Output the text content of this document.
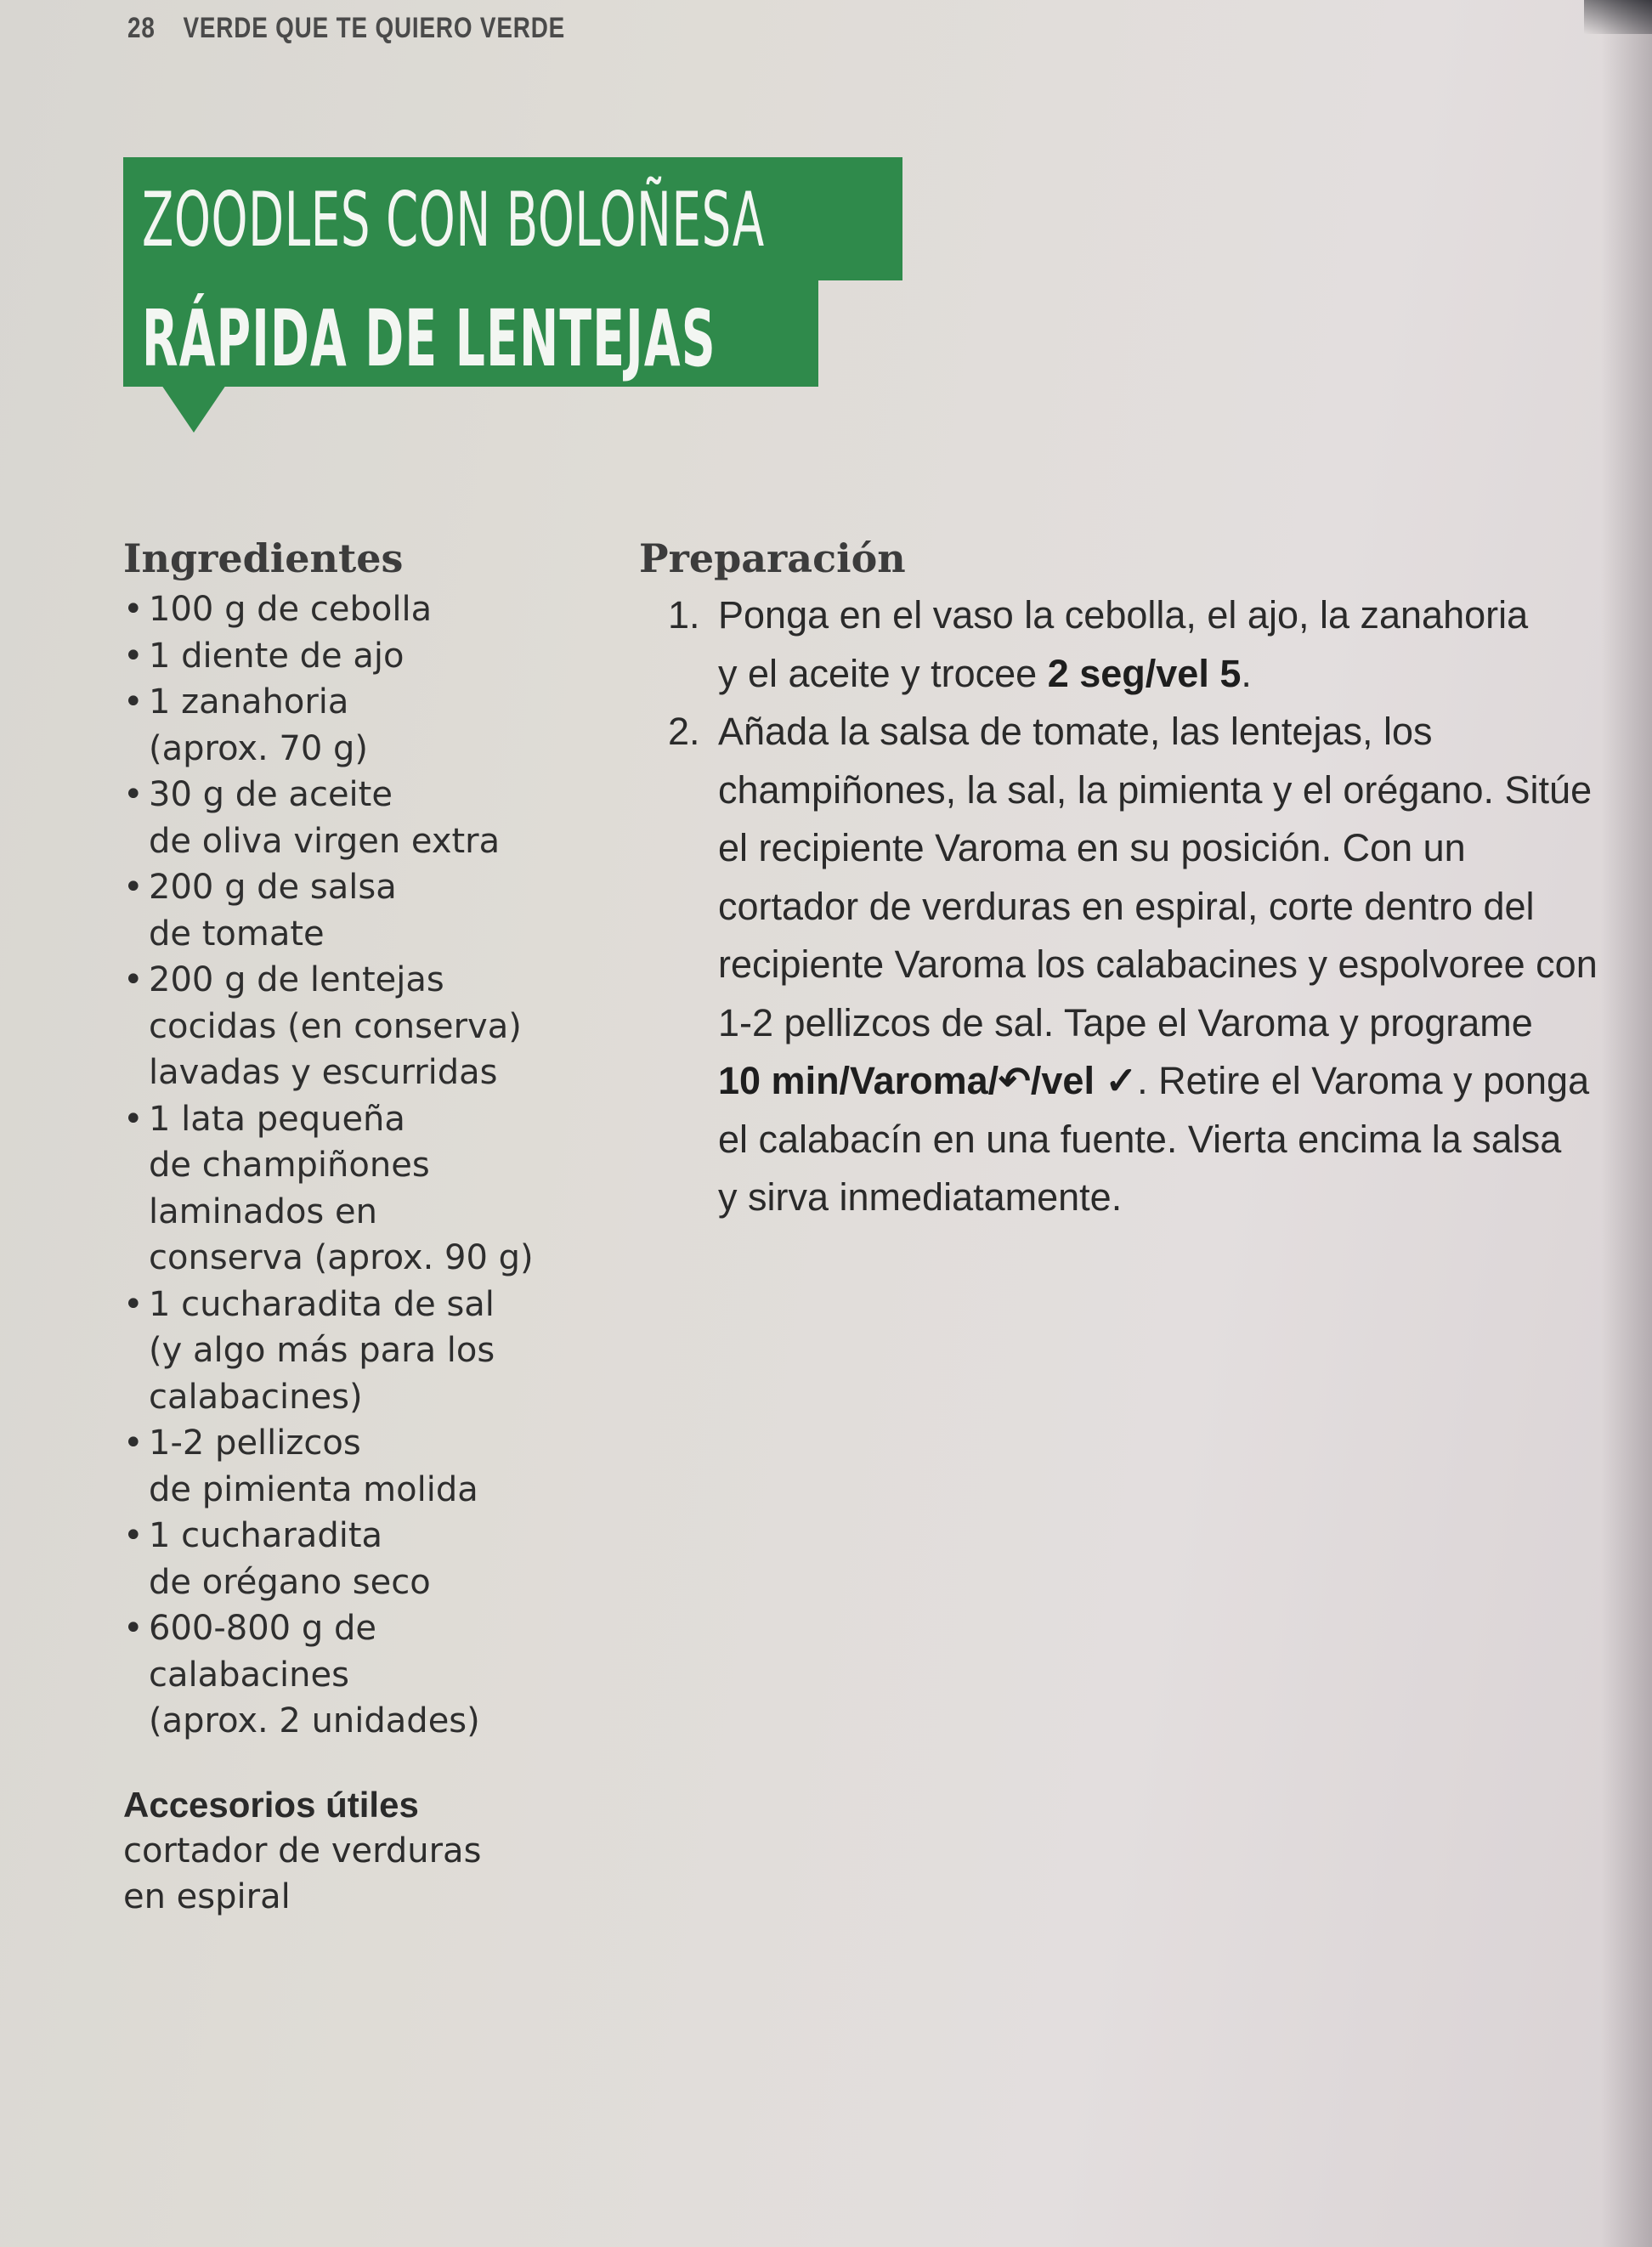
28 VERDE QUE TE QUIERO VERDE
ZOODLES CON BOLOÑESA
RÁPIDA DE LENTEJAS
Ingredientes
• 100 g de cebolla
• 1 diente de ajo
• 1 zanahoria
(aprox. 70 g)
• 30 g de aceite
de oliva virgen extra
• 200 g de salsa
de tomate
• 200 g de lentejas
cocidas (en conserva)
lavadas y escurridas
• 1 lata pequeña
de champiñones
laminados en
conserva (aprox. 90 g)
• 1 cucharadita de sal
(y algo más para los
calabacines)
• 1-2 pellizcos
de pimienta molida
• 1 cucharadita
de orégano seco
• 600-800 g de
calabacines
(aprox. 2 unidades)
Accesorios útiles
cortador de verduras
en espiral
Preparación
1. Ponga en el vaso la cebolla, el ajo, la zanahoria
y el aceite y trocee 2 seg/vel 5.
2. Añada la salsa de tomate, las lentejas, los
champiñones, la sal, la pimienta y el orégano. Sitúe
el recipiente Varoma en su posición. Con un
cortador de verduras en espiral, corte dentro del
recipiente Varoma los calabacines y espolvoree con
1-2 pellizcos de sal. Tape el Varoma y programe
10 min/Varoma/↶/vel ✓. Retire el Varoma y ponga
el calabacín en una fuente. Vierta encima la salsa
y sirva inmediatamente.
